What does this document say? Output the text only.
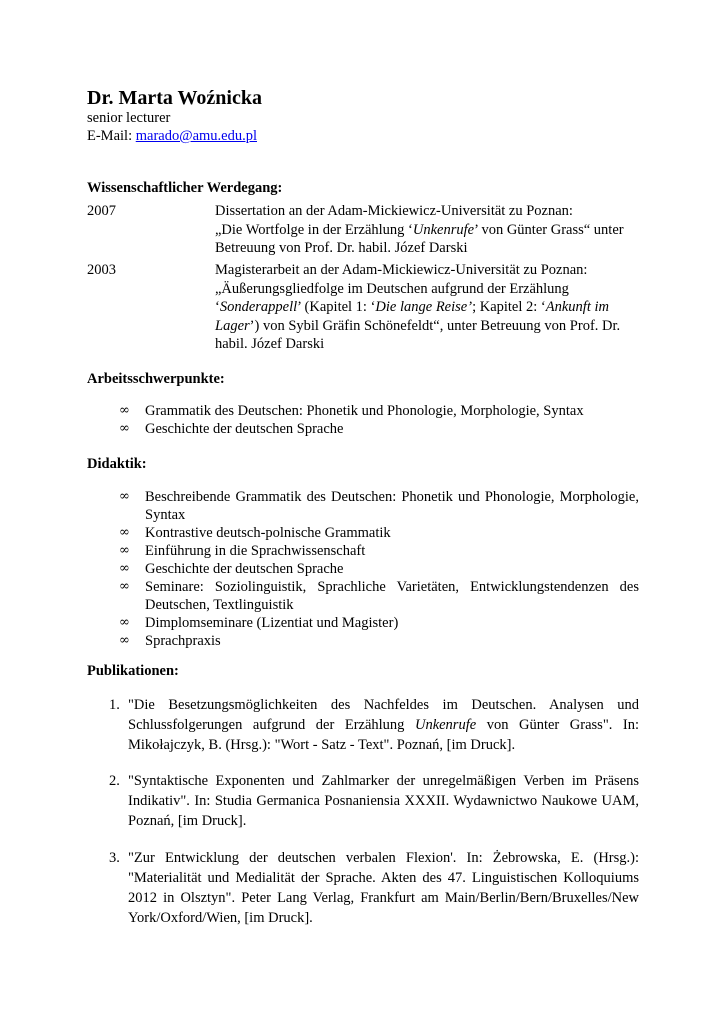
Dr. Marta Woźnicka
senior lecturer
E-Mail: marado@amu.edu.pl
Wissenschaftlicher Werdegang:
2007	Dissertation an der Adam-Mickiewicz-Universität zu Poznan:
„Die Wortfolge in der Erzählung ‘Unkenrufe’ von Günter Grass“ unter
Betreuung von Prof. Dr. habil. Józef Darski
2003	Magisterarbeit an der Adam-Mickiewicz-Universität zu Poznan:
„Äußerungsgliedfolge im Deutschen aufgrund der Erzählung
‘Sonderappell’ (Kapitel 1: ‘Die lange Reise’; Kapitel 2: ‘Ankunft im
Lager’) von Sybil Gräfin Schönefeldt“, unter Betreuung von Prof. Dr.
habil. Józef Darski
Arbeitsschwerpunkte:
∞ Grammatik des Deutschen: Phonetik und Phonologie, Morphologie, Syntax
∞ Geschichte der deutschen Sprache
Didaktik:
∞ Beschreibende Grammatik des Deutschen: Phonetik und Phonologie, Morphologie, Syntax
∞ Kontrastive deutsch-polnische Grammatik
∞ Einführung in die Sprachwissenschaft
∞ Geschichte der deutschen Sprache
∞ Seminare: Soziolinguistik, Sprachliche Varietäten, Entwicklungstendenzen des Deutschen, Textlinguistik
∞ Dimplomseminare (Lizentiat und Magister)
∞ Sprachpraxis
Publikationen:
1. "Die Besetzungsmöglichkeiten des Nachfeldes im Deutschen. Analysen und Schlussfolgerungen aufgrund der Erzählung Unkenrufe von Günter Grass". In: Mikołajczyk, B. (Hrsg.): "Wort - Satz - Text". Poznań, [im Druck].
2. "Syntaktische Exponenten und Zahlmarker der unregelmäßigen Verben im Präsens Indikativ". In: Studia Germanica Posnaniensia XXXII. Wydawnictwo Naukowe UAM, Poznań, [im Druck].
3. "Zur Entwicklung der deutschen verbalen Flexion'. In: Żebrowska, E. (Hrsg.): "Materialität und Medialität der Sprache. Akten des 47. Linguistischen Kolloquiums 2012 in Olsztyn". Peter Lang Verlag, Frankfurt am Main/Berlin/Bern/Bruxelles/New York/Oxford/Wien, [im Druck].
